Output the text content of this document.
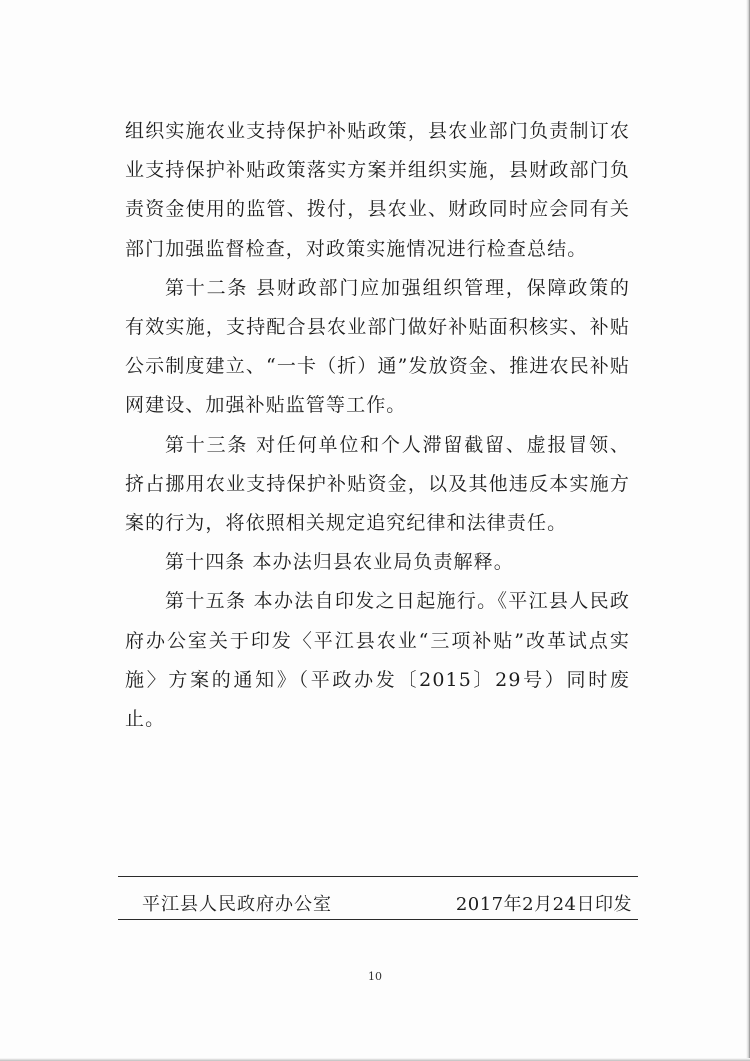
组织实施农业支持保护补贴政策，县农业部门负责制订农业支持保护补贴政策落实方案并组织实施，县财政部门负责资金使用的监管、拨付，县农业、财政同时应会同有关部门加强监督检查，对政策实施情况进行检查总结。

第十二条 县财政部门应加强组织管理，保障政策的有效实施，支持配合县农业部门做好补贴面积核实、补贴公示制度建立、“一卡（折）通”发放资金、推进农民补贴网建设、加强补贴监管等工作。

第十三条 对任何单位和个人滞留截留、虚报冒领、挤占挪用农业支持保护补贴资金，以及其他违反本实施方案的行为，将依照相关规定追究纪律和法律责任。

第十四条 本办法归县农业局负责解释。

第十五条 本办法自印发之日起施行。《平江县人民政府办公室关于印发〈平江县农业“三项补贴”改革试点实施〉方案的通知》（平政办发〔2015〕29号）同时废止。

平江县人民政府办公室	2017年2月24日印发
10
